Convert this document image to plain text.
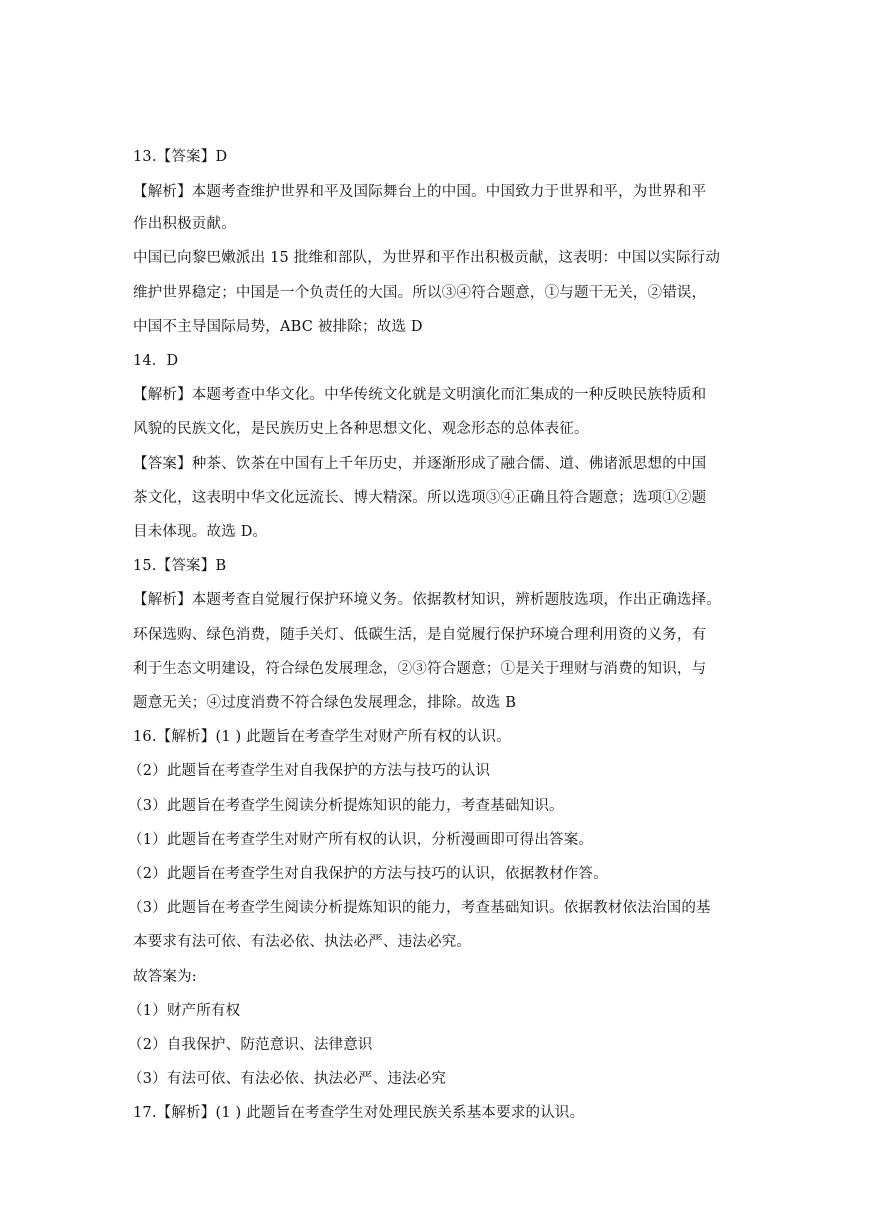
13.【答案】D
【解析】本题考查维护世界和平及国际舞台上的中国。中国致力于世界和平，为世界和平
作出积极贡献。
中国已向黎巴嫩派出 15 批维和部队，为世界和平作出积极贡献，这表明：中国以实际行动
维护世界稳定；中国是一个负责任的大国。所以③④符合题意，①与题干无关，②错误，
中国不主导国际局势，ABC 被排除；故选 D
14．D
【解析】本题考查中华文化。中华传统文化就是文明演化而汇集成的一种反映民族特质和
风貌的民族文化，是民族历史上各种思想文化、观念形态的总体表征。
【答案】种茶、饮茶在中国有上千年历史，并逐渐形成了融合儒、道、佛诸派思想的中国
茶文化，这表明中华文化远流长、博大精深。所以选项③④正确且符合题意；选项①②题
目未体现。故选 D。
15.【答案】B
【解析】本题考查自觉履行保护环境义务。依据教材知识，辨析题肢选项，作出正确选择。
环保选购、绿色消费，随手关灯、低碳生活，是自觉履行保护环境合理利用资的义务，有
利于生态文明建设，符合绿色发展理念，②③符合题意；①是关于理财与消费的知识，与
题意无关；④过度消费不符合绿色发展理念，排除。故选 B
16.【解析】(1 ) 此题旨在考查学生对财产所有权的认识。
（2）此题旨在考查学生对自我保护的方法与技巧的认识
（3）此题旨在考查学生阅读分析提炼知识的能力，考查基础知识。
（1）此题旨在考查学生对财产所有权的认识，分析漫画即可得出答案。
（2）此题旨在考查学生对自我保护的方法与技巧的认识，依据教材作答。
（3）此题旨在考查学生阅读分析提炼知识的能力，考查基础知识。依据教材依法治国的基
本要求有法可依、有法必依、执法必严、违法必究。
故答案为:
（1）财产所有权
（2）自我保护、防范意识、法律意识
（3）有法可依、有法必依、执法必严、违法必究
17.【解析】(1 ) 此题旨在考查学生对处理民族关系基本要求的认识。
